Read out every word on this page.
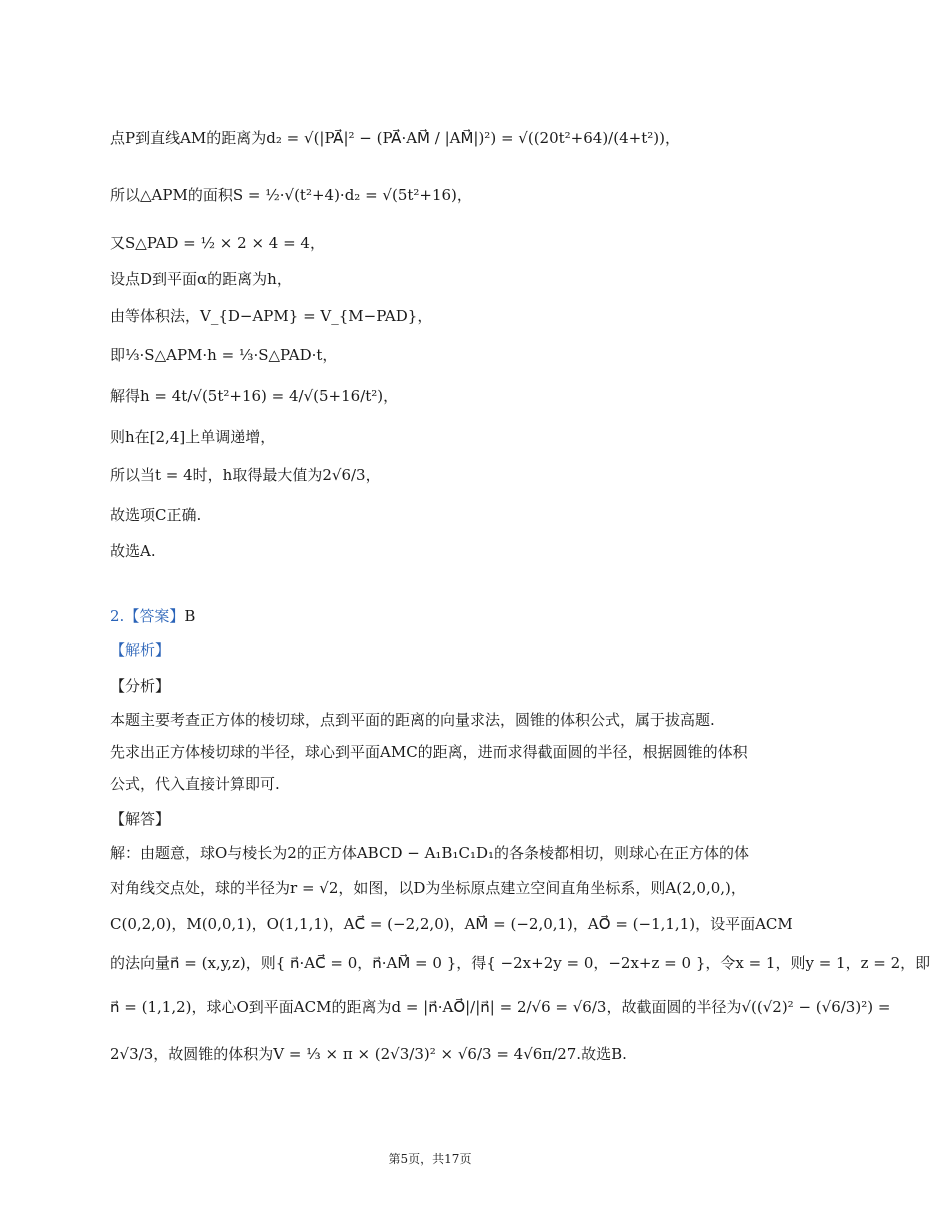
点P到直线AM的距离为d₂ = √(|PA⃗|² − (PA⃗·AM⃗ / |AM⃗|)²) = √((20t²+64)/(4+t²))，
所以△APM的面积S = ½·√(t²+4)·d₂ = √(5t²+16)，
又S△PAD = ½ × 2 × 4 = 4，
设点D到平面α的距离为h，
由等体积法，V_{D−APM} = V_{M−PAD}，
即⅓·S△APM·h = ⅓·S△PAD·t，
解得h = 4t/√(5t²+16) = 4/√(5+16/t²)，
则h在[2,4]上单调递增，
所以当t = 4时，h取得最大值为2√6/3，
故选项C正确.
故选A.
2.【答案】B
【解析】
【分析】
本题主要考查正方体的棱切球，点到平面的距离的向量求法，圆锥的体积公式，属于拔高题.
先求出正方体棱切球的半径，球心到平面AMC的距离，进而求得截面圆的半径，根据圆锥的体积
公式，代入直接计算即可.
【解答】
解：由题意，球O与棱长为2的正方体ABCD − A₁B₁C₁D₁的各条棱都相切，则球心在正方体的体
对角线交点处，球的半径为r = √2，如图，以D为坐标原点建立空间直角坐标系，则A(2,0,0,)，
C(0,2,0)，M(0,0,1)，O(1,1,1)，AC⃗ = (−2,2,0)，AM⃗ = (−2,0,1)，AO⃗ = (−1,1,1)，设平面ACM
的法向量n⃗ = (x,y,z)，则{ n⃗·AC⃗ = 0，n⃗·AM⃗ = 0 }，得{ −2x+2y = 0，−2x+z = 0 }，令x = 1，则y = 1，z = 2，即
n⃗ = (1,1,2)，球心O到平面ACM的距离为d = |n⃗·AO⃗|/|n⃗| = 2/√6 = √6/3，故截面圆的半径为√((√2)² − (√6/3)²) =
2√3/3，故圆锥的体积为V = ⅓ × π × (2√3/3)² × √6/3 = 4√6π/27.故选B.
第5页，共17页
